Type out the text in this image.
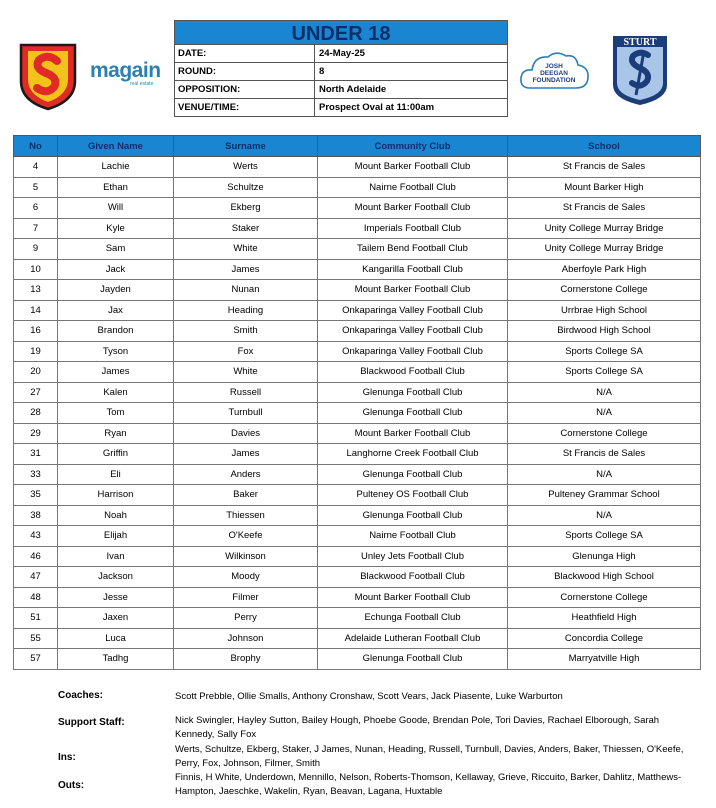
magain
real estate
UNDER 18
DATE:	24-May-25
ROUND:	8
OPPOSITION:	North Adelaide
VENUE/TIME:	Prospect Oval at 11:00am
JOSH
DEEGAN
FOUNDATION
STURT
No	Given Name	Surname	Community Club	School
4	Lachie	Werts	Mount Barker Football Club	St Francis de Sales
5	Ethan	Schultze	Nairne Football Club	Mount Barker High
6	Will	Ekberg	Mount Barker Football Club	St Francis de Sales
7	Kyle	Staker	Imperials Football Club	Unity College Murray Bridge
9	Sam	White	Tailem Bend Football Club	Unity College Murray Bridge
10	Jack	James	Kangarilla Football Club	Aberfoyle Park High
13	Jayden	Nunan	Mount Barker Football Club	Cornerstone College
14	Jax	Heading	Onkaparinga Valley Football Club	Urrbrae High School
16	Brandon	Smith	Onkaparinga Valley Football Club	Birdwood High School
19	Tyson	Fox	Onkaparinga Valley Football Club	Sports College SA
20	James	White	Blackwood Football Club	Sports College SA
27	Kalen	Russell	Glenunga Football Club	N/A
28	Tom	Turnbull	Glenunga Football Club	N/A
29	Ryan	Davies	Mount Barker Football Club	Cornerstone College
31	Griffin	James	Langhorne Creek Football Club	St Francis de Sales
33	Eli	Anders	Glenunga Football Club	N/A
35	Harrison	Baker	Pulteney OS Football Club	Pulteney Grammar School
38	Noah	Thiessen	Glenunga Football Club	N/A
43	Elijah	O'Keefe	Nairne Football Club	Sports College SA
46	Ivan	Wilkinson	Unley Jets Football Club	Glenunga High
47	Jackson	Moody	Blackwood Football Club	Blackwood High School
48	Jesse	Filmer	Mount Barker Football Club	Cornerstone College
51	Jaxen	Perry	Echunga Football Club	Heathfield High
55	Luca	Johnson	Adelaide Lutheran Football Club	Concordia College
57	Tadhg	Brophy	Glenunga Football Club	Marryatville High
Coaches:	Scott Prebble, Ollie Smalls, Anthony Cronshaw, Scott Vears, Jack Piasente, Luke Warburton
Support Staff:	Nick Swingler, Hayley Sutton, Bailey Hough, Phoebe Goode, Brendan Pole, Tori Davies, Rachael Elborough, Sarah Kennedy, Sally Fox
Ins:
Werts, Schultze, Ekberg, Staker, J James, Nunan, Heading, Russell, Turnbull, Davies, Anders, Baker, Thiessen, O'Keefe, Perry, Fox, Johnson, Filmer, Smith
Outs:
Finnis, H White, Underdown, Mennillo, Nelson, Roberts-Thomson, Kellaway, Grieve, Riccuito, Barker, Dahlitz, Matthews-Hampton, Jaeschke, Wakelin, Ryan, Beavan, Lagana, Huxtable
